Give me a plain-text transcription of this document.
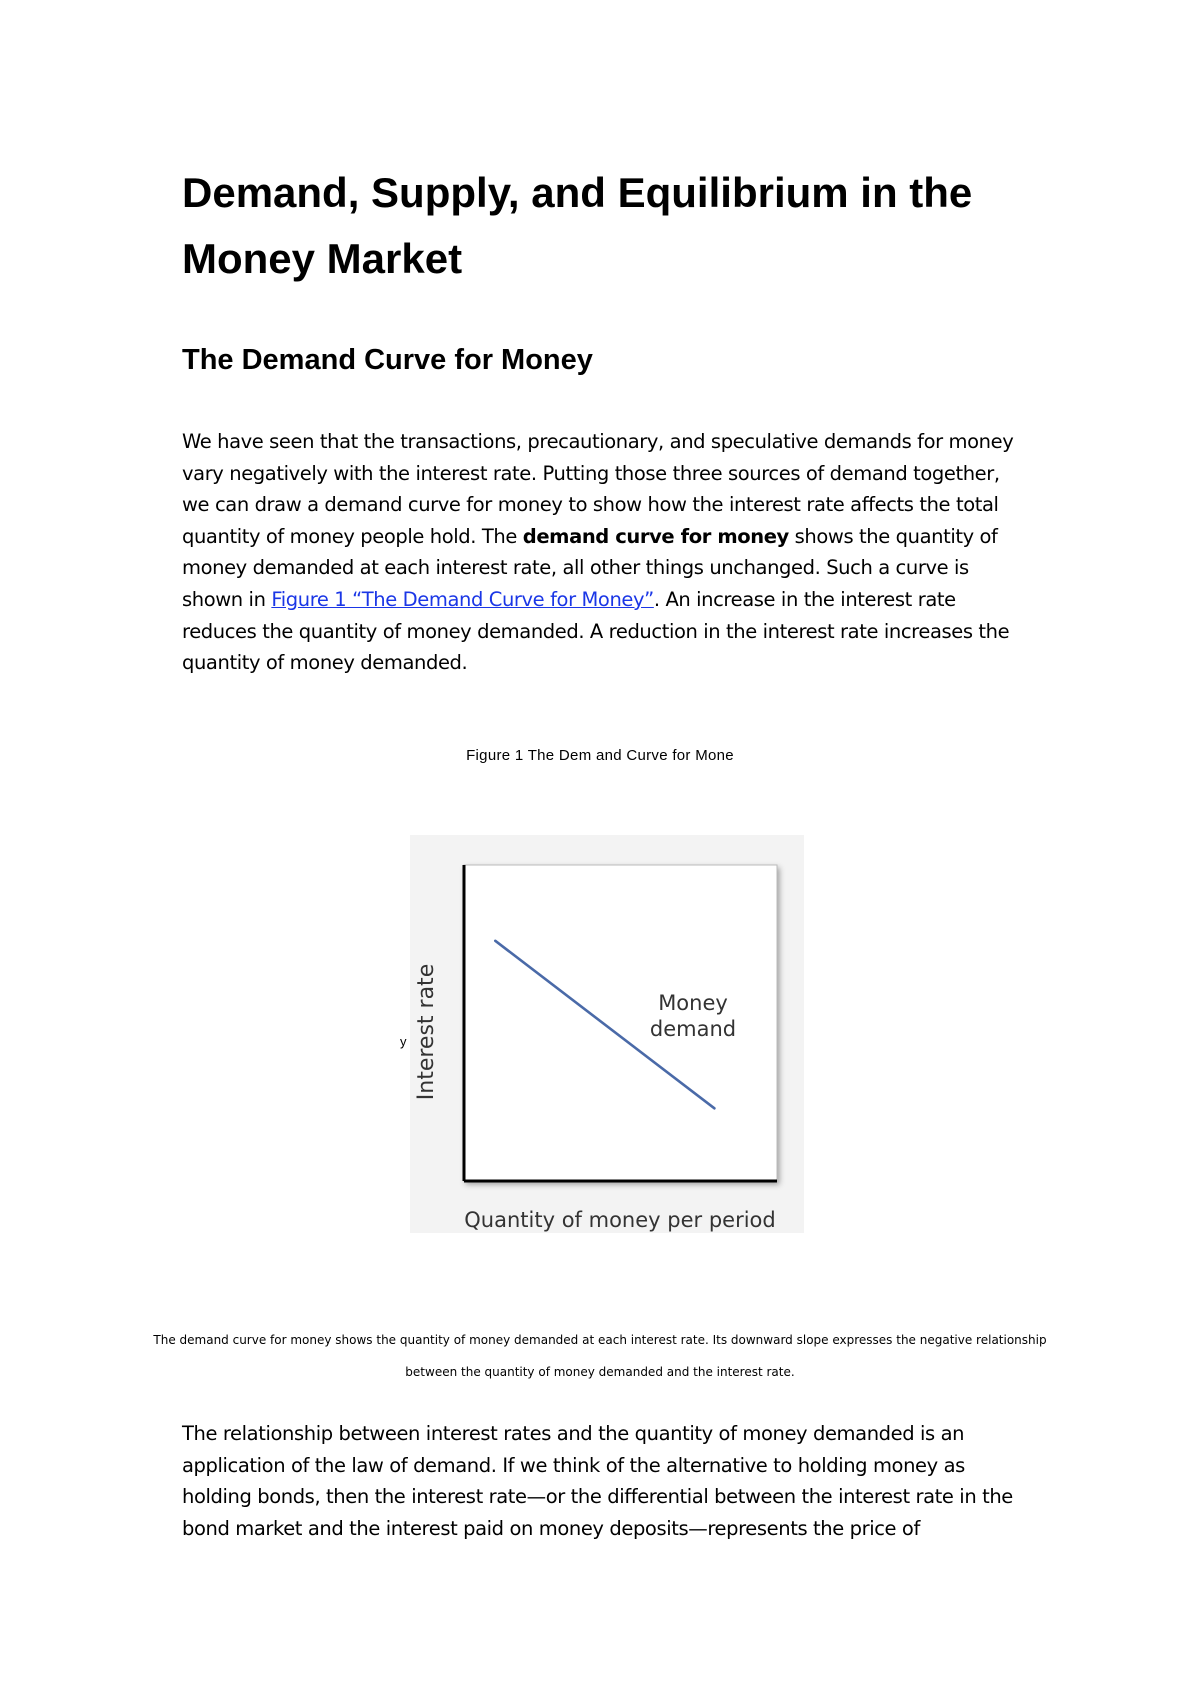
Demand, Supply, and Equilibrium in the Money Market
The Demand Curve for Money

We have seen that the transactions, precautionary, and speculative demands for money vary negatively with the interest rate. Putting those three sources of demand together, we can draw a demand curve for money to show how the interest rate affects the total quantity of money people hold. The demand curve for money shows the quantity of money demanded at each interest rate, all other things unchanged. Such a curve is shown in Figure 1 “The Demand Curve for Money”. An increase in the interest rate reduces the quantity of money demanded. A reduction in the interest rate increases the quantity of money demanded.

Figure 1 The Dem and Curve for Mone
Money demand
Interest rate
Quantity of money per period
y

The demand curve for money shows the quantity of money demanded at each interest rate. Its downward slope expresses the negative relationship between the quantity of money demanded and the interest rate.

The relationship between interest rates and the quantity of money demanded is an application of the law of demand. If we think of the alternative to holding money as holding bonds, then the interest rate—or the differential between the interest rate in the bond market and the interest paid on money deposits—represents the price of
